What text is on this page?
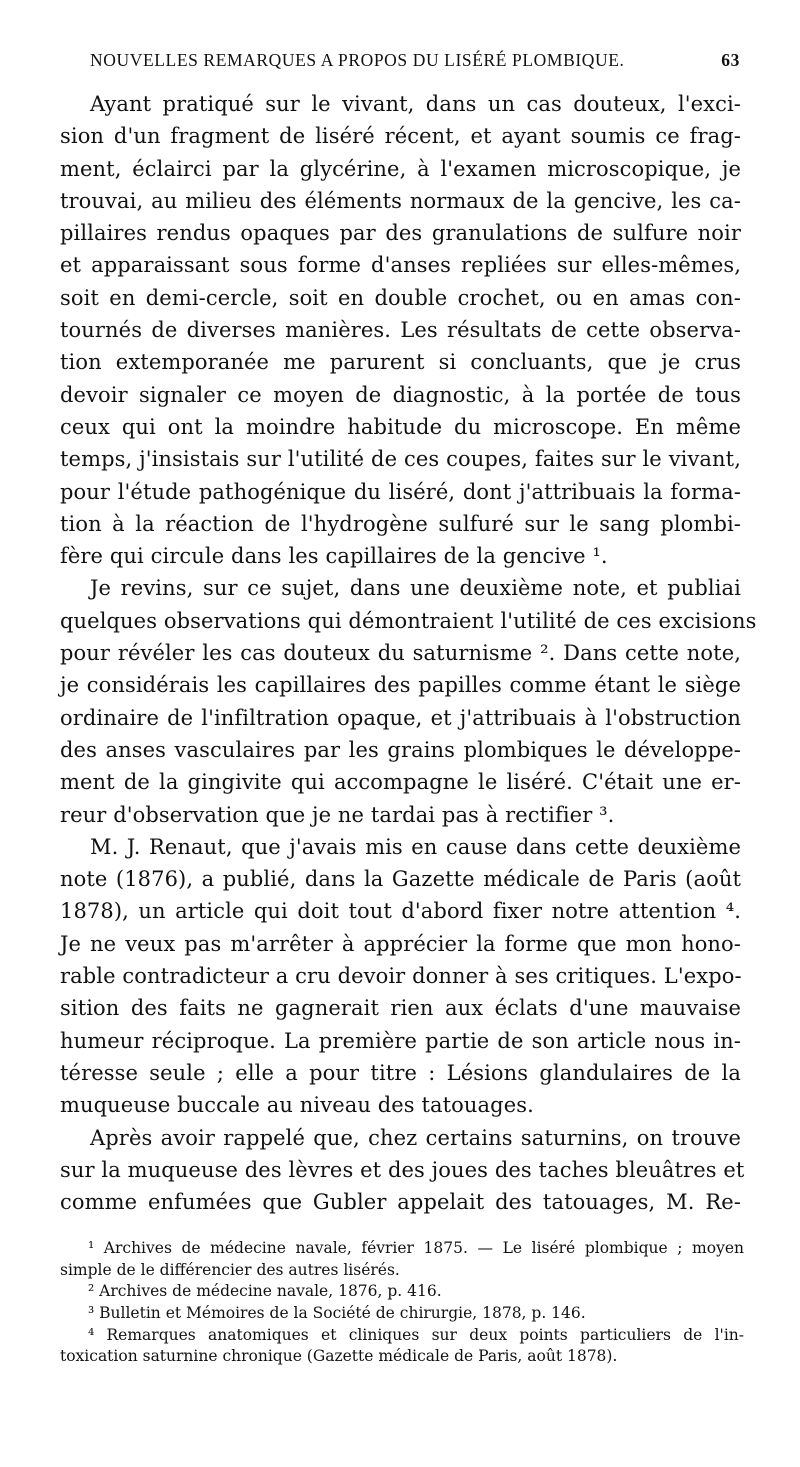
NOUVELLES REMARQUES A PROPOS DU LISÉRÉ PLOMBIQUE.	63
Ayant pratiqué sur le vivant, dans un cas douteux, l'exci-
sion d'un fragment de liséré récent, et ayant soumis ce frag-
ment, éclairci par la glycérine, à l'examen microscopique, je
trouvai, au milieu des éléments normaux de la gencive, les ca-
pillaires rendus opaques par des granulations de sulfure noir
et apparaissant sous forme d'anses repliées sur elles-mêmes,
soit en demi-cercle, soit en double crochet, ou en amas con-
tournés de diverses manières. Les résultats de cette observa-
tion extemporanée me parurent si concluants, que je crus
devoir signaler ce moyen de diagnostic, à la portée de tous
ceux qui ont la moindre habitude du microscope. En même
temps, j'insistais sur l'utilité de ces coupes, faites sur le vivant,
pour l'étude pathogénique du liséré, dont j'attribuais la forma-
tion à la réaction de l'hydrogène sulfuré sur le sang plombi-
fère qui circule dans les capillaires de la gencive ¹.
Je revins, sur ce sujet, dans une deuxième note, et publiai
quelques observations qui démontraient l'utilité de ces excisions
pour révéler les cas douteux du saturnisme ². Dans cette note,
je considérais les capillaires des papilles comme étant le siège
ordinaire de l'infiltration opaque, et j'attribuais à l'obstruction
des anses vasculaires par les grains plombiques le développe-
ment de la gingivite qui accompagne le liséré. C'était une er-
reur d'observation que je ne tardai pas à rectifier ³.
M. J. Renaut, que j'avais mis en cause dans cette deuxième
note (1876), a publié, dans la Gazette médicale de Paris (août
1878), un article qui doit tout d'abord fixer notre attention ⁴.
Je ne veux pas m'arrêter à apprécier la forme que mon hono-
rable contradicteur a cru devoir donner à ses critiques. L'expo-
sition des faits ne gagnerait rien aux éclats d'une mauvaise
humeur réciproque. La première partie de son article nous in-
téresse seule ; elle a pour titre : Lésions glandulaires de la
muqueuse buccale au niveau des tatouages.
Après avoir rappelé que, chez certains saturnins, on trouve
sur la muqueuse des lèvres et des joues des taches bleuâtres et
comme enfumées que Gubler appelait des tatouages, M. Re-
¹ Archives de médecine navale, février 1875. — Le liséré plombique ; moyen
simple de le différencier des autres lisérés.
² Archives de médecine navale, 1876, p. 416.
³ Bulletin et Mémoires de la Société de chirurgie, 1878, p. 146.
⁴ Remarques anatomiques et cliniques sur deux points particuliers de l'in-
toxication saturnine chronique (Gazette médicale de Paris, août 1878).
